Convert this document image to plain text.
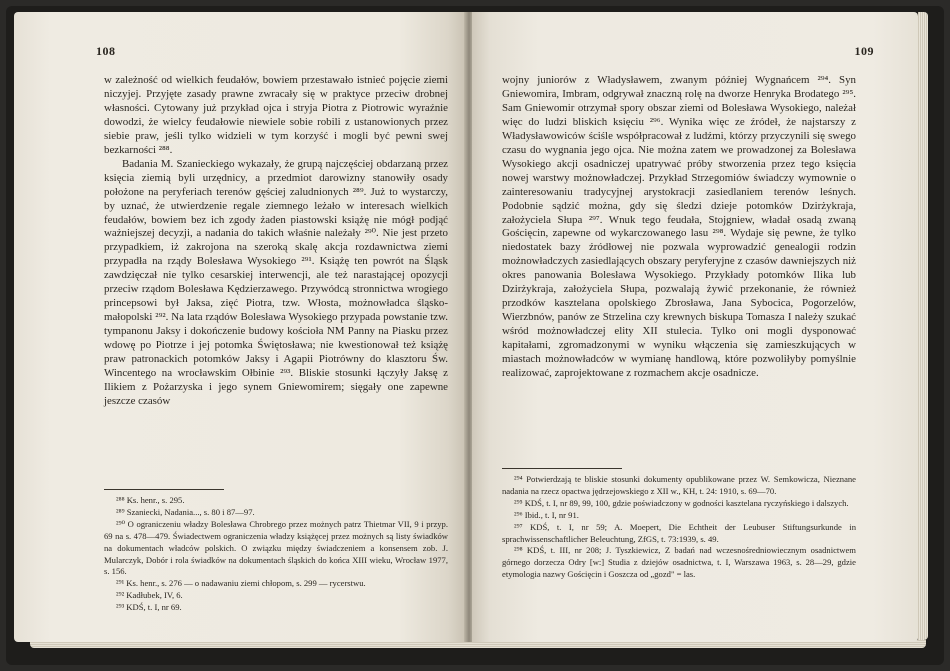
108

w zależność od wielkich feudałów, bowiem przestawało istnieć pojęcie ziemi niczyjej. Przyjęte zasady prawne zwracały się w praktyce przeciw drobnej własności. Cytowany już przykład ojca i stryja Piotra z Piotrowic wyraźnie dowodzi, że wielcy feudałowie niewiele sobie robili z ustanowionych przez siebie praw, jeśli tylko widzieli w tym korzyść i mogli być pewni swej bezkarności ²⁸⁸.

Badania M. Szanieckiego wykazały, że grupą najczęściej obdarzaną przez księcia ziemią byli urzędnicy, a przedmiot darowizny stanowiły osady położone na peryferiach terenów gęściej zaludnionych ²⁸⁹. Już to wystarczy, by uznać, że utwierdzenie regale ziemnego leżało w interesach wielkich feudałów, bowiem bez ich zgody żaden piastowski książę nie mógł podjąć ważniejszej decyzji, a nadania do takich właśnie należały ²⁹⁰. Nie jest przeto przypadkiem, iż zakrojona na szeroką skalę akcja rozdawnictwa ziemi przypadła na rządy Bolesława Wysokiego ²⁹¹. Książę ten powrót na Śląsk zawdzięczał nie tylko cesarskiej interwencji, ale też narastającej opozycji przeciw rządom Bolesława Kędzierzawego. Przywódcą stronnictwa wrogiego princepsowi był Jaksa, zięć Piotra, tzw. Włosta, możnowładca śląsko-małopolski ²⁹². Na lata rządów Bolesława Wysokiego przypada powstanie tzw. tympanonu Jaksy i dokończenie budowy kościoła NM Panny na Piasku przez wdowę po Piotrze i jej potomka Świętosława; nie kwestionował też książę praw patronackich potomków Jaksy i Agapii Piotrówny do klasztoru Św. Wincentego na wrocławskim Ołbinie ²⁹³. Bliskie stosunki łączyły Jaksę z Ilikiem z Pożarzyska i jego synem Gniewomirem; sięgały one zapewne jeszcze czasów

²⁸⁸ Ks. henr., s. 295.
²⁸⁹ Szaniecki, Nadania..., s. 80 i 87—97.
²⁹⁰ O ograniczeniu władzy Bolesława Chrobrego przez możnych patrz Thietmar VII, 9 i przyp. 69 na s. 478—479. Świadectwem ograniczenia władzy książęcej przez możnych są listy świadków na dokumentach władców polskich. O związku między świadczeniem a konsensem zob. J. Mularczyk, Dobór i rola świadków na dokumentach śląskich do końca XIII wieku, Wrocław 1977, s. 156.
²⁹¹ Ks. henr., s. 276 — o nadawaniu ziemi chłopom, s. 299 — rycerstwu.
²⁹² Kadłubek, IV, 6.
²⁹³ KDŚ, t. I, nr 69.
109

wojny juniorów z Władysławem, zwanym później Wygnańcem ²⁹⁴. Syn Gniewomira, Imbram, odgrywał znaczną rolę na dworze Henryka Brodatego ²⁹⁵. Sam Gniewomir otrzymał spory obszar ziemi od Bolesława Wysokiego, należał więc do ludzi bliskich księciu ²⁹⁶. Wynika więc ze źródeł, że najstarszy z Władysławowiców ściśle współpracował z ludźmi, którzy przyczynili się swego czasu do wygnania jego ojca. Nie można zatem we prowadzonej za Bolesława Wysokiego akcji osadniczej upatrywać próby stworzenia przez tego księcia nowej warstwy możnowładczej. Przykład Strzegomiów świadczy wymownie o zainteresowaniu tradycyjnej arystokracji zasiedlaniem terenów leśnych. Podobnie sądzić można, gdy się śledzi dzieje potomków Dzirżykraja, założyciela Słupa ²⁹⁷. Wnuk tego feudała, Stojgniew, władał osadą zwaną Gościęcin, zapewne od wykarczowanego lasu ²⁹⁸. Wydaje się pewne, że tylko niedostatek bazy źródłowej nie pozwala wyprowadzić genealogii rodzin możnowładczych zasiedlających obszary peryferyjne z czasów dawniejszych niż okres panowania Bolesława Wysokiego. Przykłady potomków Ilika lub Dzirżykraja, założyciela Słupa, pozwalają żywić przekonanie, że również przodków kasztelana opolskiego Zbrosława, Jana Sybocica, Pogorzelów, Wierzbnów, panów ze Strzelina czy krewnych biskupa Tomasza I należy szukać wśród możnowładczej elity XII stulecia. Tylko oni mogli dysponować kapitałami, zgromadzonymi w wyniku włączenia się zamieszkujących w miastach możnowładców w wymianę handlową, które pozwoliłyby pomyślnie realizować, zaprojektowane z rozmachem akcje osadnicze.

²⁹⁴ Potwierdzają te bliskie stosunki dokumenty opublikowane przez W. Semkowicza, Nieznane nadania na rzecz opactwa jędrzejowskiego z XII w., KH, t. 24: 1910, s. 69—70.
²⁹⁵ KDŚ, t. I, nr 89, 99, 100, gdzie poświadczony w godności kasztelana ryczyńskiego i dalszych.
²⁹⁶ Ibid., t. I, nr 91.
²⁹⁷ KDŚ, t. I, nr 59; A. Moepert, Die Echtheit der Leubuser Stiftungsurkunde in sprachwissenschaftlicher Beleuchtung, ZfGS, t. 73:1939, s. 49.
²⁹⁸ KDŚ, t. III, nr 208; J. Tyszkiewicz, Z badań nad wczesnośredniowiecznym osadnictwem górnego dorzecza Odry [w:] Studia z dziejów osadnictwa, t. I, Warszawa 1963, s. 28—29, gdzie etymologia nazwy Gościęcin i Goszcza od „gozd" = las.
